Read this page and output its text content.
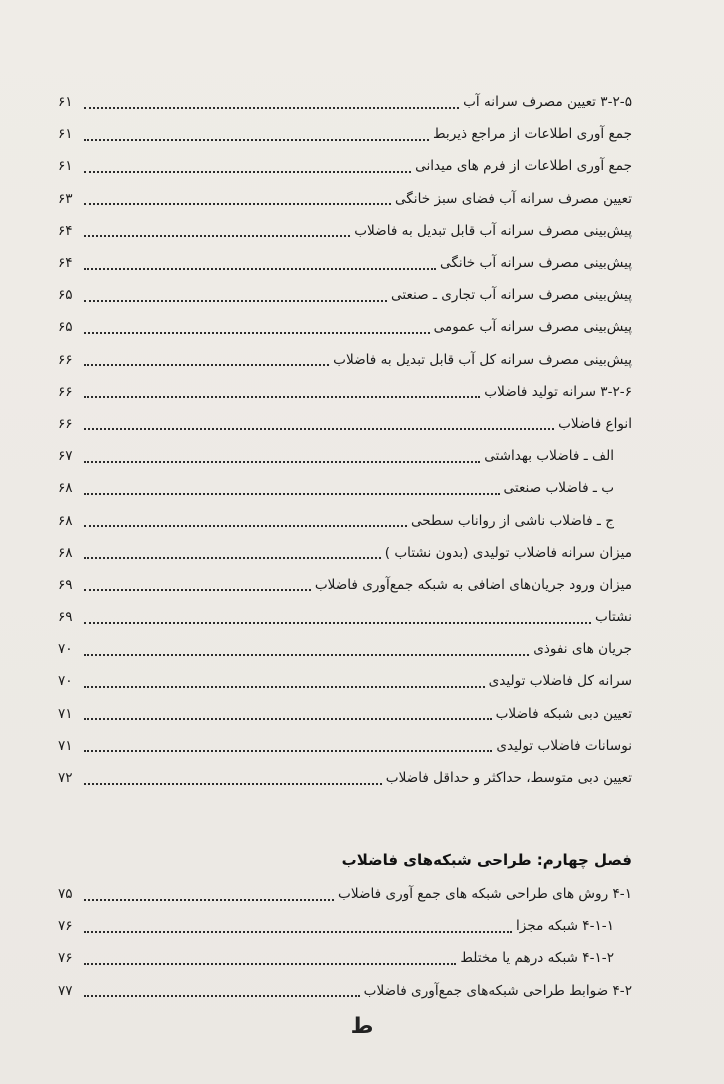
۳-۲-۵ تعیین مصرف سرانه آب
۶۱
جمع آوری اطلاعات از مراجع ذیربط
۶۱
جمع آوری اطلاعات از فرم های میدانی
۶۱
تعیین مصرف سرانه آب فضای سبز خانگی
۶۳
پیش‌بینی مصرف سرانه آب قابل تبدیل به فاضلاب
۶۴
پیش‌بینی مصرف سرانه آب خانگی
۶۴
پیش‌بینی مصرف سرانه آب تجاری ـ صنعتی
۶۵
پیش‌بینی مصرف سرانه آب عمومی
۶۵
پیش‌بینی مصرف سرانه کل آب قابل تبدیل به فاضلاب
۶۶
۳-۲-۶ سرانه تولید فاضلاب
۶۶
انواع فاضلاب
۶۶
الف ـ فاضلاب بهداشتی
۶۷
ب ـ فاضلاب صنعتی
۶۸
ج ـ فاضلاب ناشی از رواناب سطحی
۶۸
میزان سرانه فاضلاب تولیدی (بدون نشتاب )
۶۸
میزان ورود جریان‌های اضافی به شبکه جمع‌آوری فاضلاب
۶۹
نشتاب
۶۹
جریان های نفوذی
۷۰
سرانه کل فاضلاب تولیدی
۷۰
تعیین دبی شبکه فاضلاب
۷۱
نوسانات فاضلاب تولیدی
۷۱
تعیین دبی متوسط، حداکثر و حداقل فاضلاب
۷۲
فصل چهارم: طراحی شبکه‌های فاضلاب
۴-۱ روش های طراحی شبکه های جمع آوری فاضلاب
۷۵
۴-۱-۱ شبکه مجزا
۷۶
۴-۱-۲ شبکه درهم یا مختلط
۷۶
۴-۲ ضوابط طراحی شبکه‌های جمع‌آوری فاضلاب
۷۷
ط
